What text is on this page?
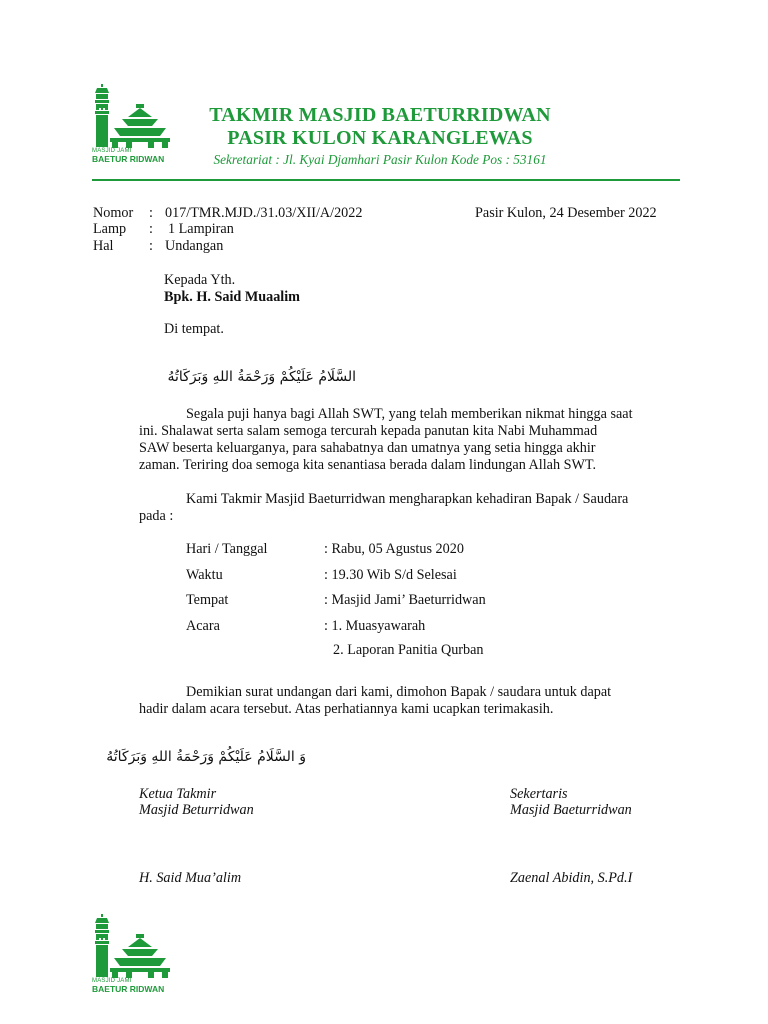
MASJID JAMI
BAETUR RIDWAN
TAKMIR MASJID BAETURRIDWAN
PASIR KULON KARANGLEWAS
Sekretariat : Jl. Kyai Djamhari Pasir Kulon Kode Pos : 53161
Nomor : 017/TMR.MJD./31.03/XII/A/2022	Pasir Kulon, 24 Desember 2022
Lamp : 1 Lampiran
Hal	: Undangan
Kepada Yth.
Bpk. H. Said Muaalim
Di tempat.
السَّلَامُ عَلَيْكُمْ وَرَحْمَةُ اللهِ وَبَرَكَاتُهُ
Segala puji hanya bagi Allah SWT, yang telah memberikan nikmat hingga saat
ini. Shalawat serta salam semoga tercurah kepada panutan kita Nabi Muhammad
SAW beserta keluarganya, para sahabatnya dan umatnya yang setia hingga akhir
zaman. Teriring doa semoga kita senantiasa berada dalam lindungan Allah SWT.
Kami Takmir Masjid Baeturridwan mengharapkan kehadiran Bapak / Saudara
pada :
Hari / Tanggal	: Rabu, 05 Agustus 2020
Waktu	: 19.30 Wib S/d Selesai
Tempat	: Masjid Jami’ Baeturridwan
Acara	: 1. Muasyawarah
2. Laporan Panitia Qurban
Demikian surat undangan dari kami, dimohon Bapak / saudara untuk dapat
hadir dalam acara tersebut. Atas perhatiannya kami ucapkan terimakasih.
وَ السَّلَامُ عَلَيْكُمْ وَرَحْمَةُ اللهِ وَبَرَكَاتُهُ
Ketua Takmir
Masjid Beturridwan
H. Said Mua’alim
Sekertaris
Masjid Baeturridwan
Zaenal Abidin, S.Pd.I
MASJID JAMI
BAETUR RIDWAN
